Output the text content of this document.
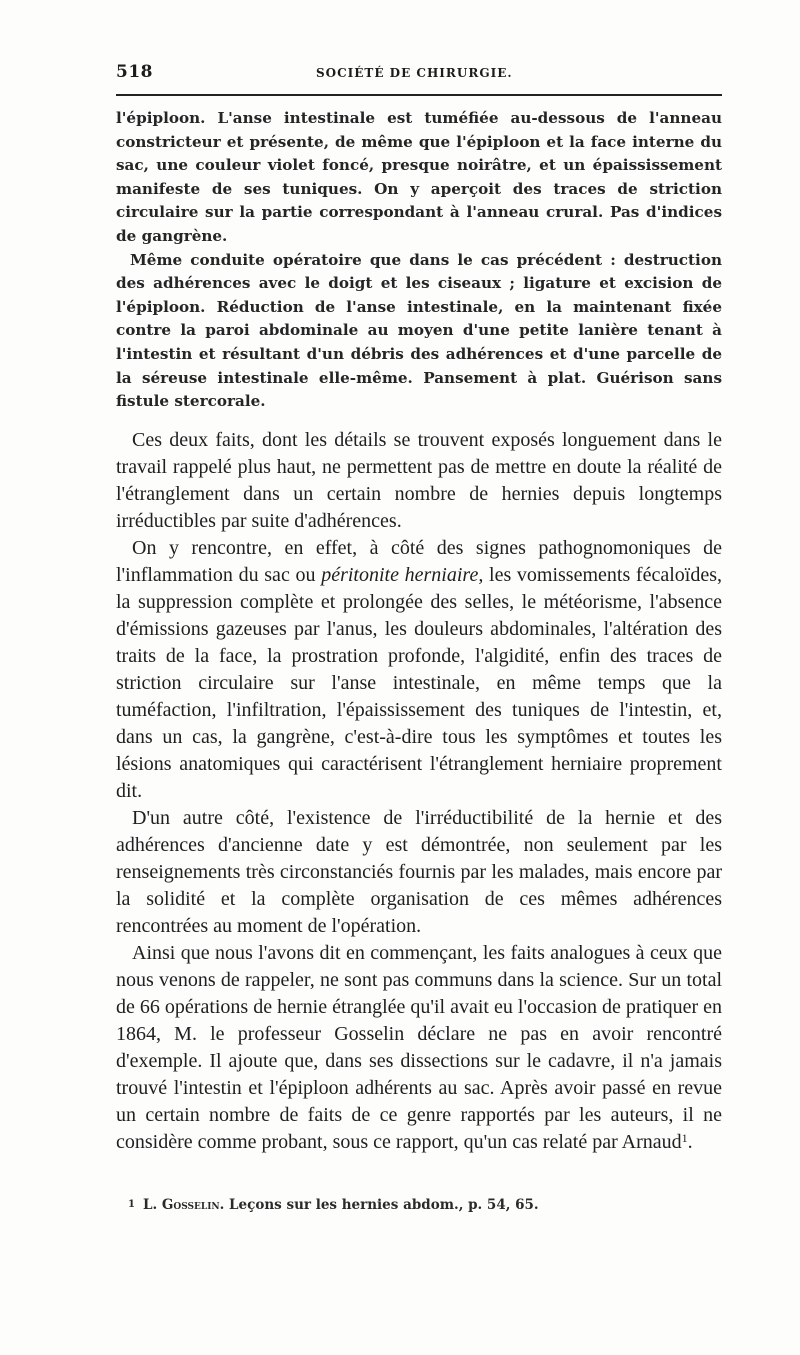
518	SOCIÉTÉ DE CHIRURGIE.

l'épiploon. L'anse intestinale est tuméfiée au-dessous de l'anneau constricteur et présente, de même que l'épiploon et la face interne du sac, une couleur violet foncé, presque noirâtre, et un épaississement manifeste de ses tuniques. On y aperçoit des traces de striction circulaire sur la partie correspondant à l'anneau crural. Pas d'indices de gangrène.

Même conduite opératoire que dans le cas précédent : destruction des adhérences avec le doigt et les ciseaux ; ligature et excision de l'épiploon. Réduction de l'anse intestinale, en la maintenant fixée contre la paroi abdominale au moyen d'une petite lanière tenant à l'intestin et résultant d'un débris des adhérences et d'une parcelle de la séreuse intestinale elle-même. Pansement à plat. Guérison sans fistule stercorale.

Ces deux faits, dont les détails se trouvent exposés longuement dans le travail rappelé plus haut, ne permettent pas de mettre en doute la réalité de l'étranglement dans un certain nombre de hernies depuis longtemps irréductibles par suite d'adhérences.

On y rencontre, en effet, à côté des signes pathognomoniques de l'inflammation du sac ou péritonite herniaire, les vomissements fécaloïdes, la suppression complète et prolongée des selles, le météorisme, l'absence d'émissions gazeuses par l'anus, les douleurs abdominales, l'altération des traits de la face, la prostration profonde, l'algidité, enfin des traces de striction circulaire sur l'anse intestinale, en même temps que la tuméfaction, l'infiltration, l'épaississement des tuniques de l'intestin, et, dans un cas, la gangrène, c'est-à-dire tous les symptômes et toutes les lésions anatomiques qui caractérisent l'étranglement herniaire proprement dit.

D'un autre côté, l'existence de l'irréductibilité de la hernie et des adhérences d'ancienne date y est démontrée, non seulement par les renseignements très circonstanciés fournis par les malades, mais encore par la solidité et la complète organisation de ces mêmes adhérences rencontrées au moment de l'opération.

Ainsi que nous l'avons dit en commençant, les faits analogues à ceux que nous venons de rappeler, ne sont pas communs dans la science. Sur un total de 66 opérations de hernie étranglée qu'il avait eu l'occasion de pratiquer en 1864, M. le professeur Gosselin déclare ne pas en avoir rencontré d'exemple. Il ajoute que, dans ses dissections sur le cadavre, il n'a jamais trouvé l'intestin et l'épiploon adhérents au sac. Après avoir passé en revue un certain nombre de faits de ce genre rapportés par les auteurs, il ne considère comme probant, sous ce rapport, qu'un cas relaté par Arnaud$^1$.

1 L. Gosselin. Leçons sur les hernies abdom., p. 54, 65.
